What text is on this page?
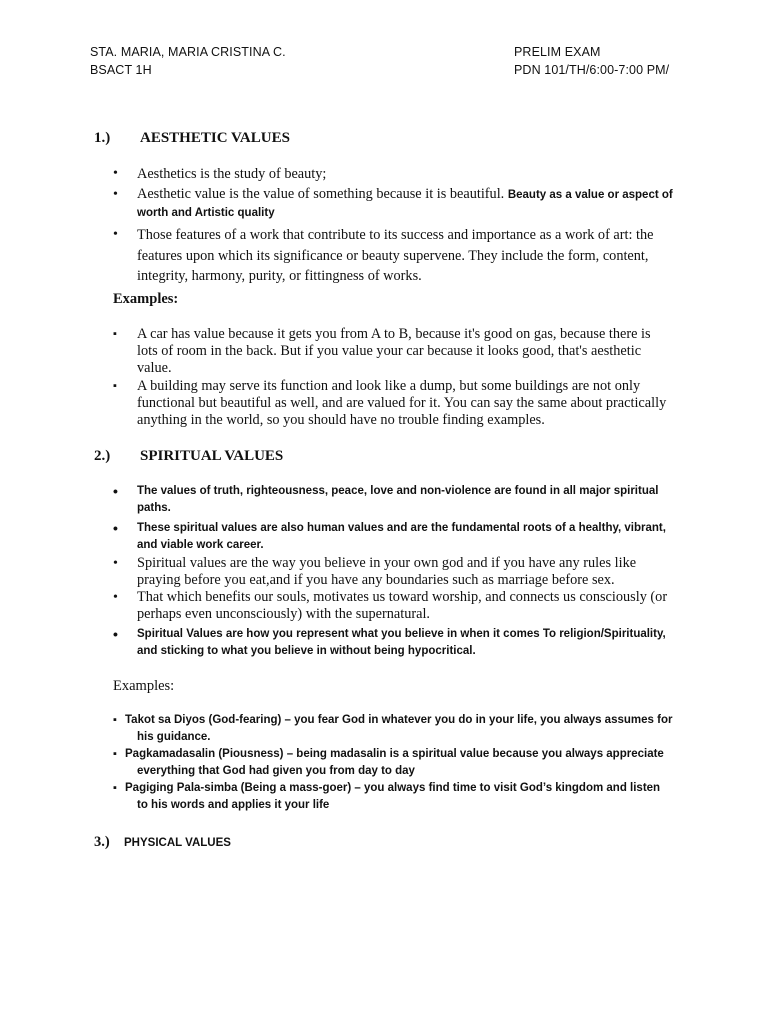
STA. MARIA, MARIA CRISTINA C.
BSACT 1H
PRELIM EXAM
PDN 101/TH/6:00-7:00 PM/
1.) AESTHETIC VALUES
• Aesthetics is the study of beauty;
• Aesthetic value is the value of something because it is beautiful. Beauty as a value or aspect of worth and Artistic quality
• Those features of a work that contribute to its success and importance as a work of art: the features upon which its significance or beauty supervene. They include the form, content, integrity, harmony, purity, or fittingness of works.
Examples:
▪ A car has value because it gets you from A to B, because it's good on gas, because there is lots of room in the back. But if you value your car because it looks good, that's aesthetic value.
▪ A building may serve its function and look like a dump, but some buildings are not only functional but beautiful as well, and are valued for it. You can say the same about practically anything in the world, so you should have no trouble finding examples.
2.) SPIRITUAL VALUES
• The values of truth, righteousness, peace, love and non-violence are found in all major spiritual paths.
• These spiritual values are also human values and are the fundamental roots of a healthy, vibrant, and viable work career.
• Spiritual values are the way you believe in your own god and if you have any rules like praying before you eat,and if you have any boundaries such as marriage before sex.
• That which benefits our souls, motivates us toward worship, and connects us consciously (or perhaps even unconsciously) with the supernatural.
• Spiritual Values are how you represent what you believe in when it comes To religion/Spirituality, and sticking to what you believe in without being hypocritical.
Examples:
▪ Takot sa Diyos (God-fearing) – you fear God in whatever you do in your life, you always assumes for his guidance.
▪ Pagkamadasalin (Piousness) – being madasalin is a spiritual value because you always appreciate everything that God had given you from day to day
▪ Pagiging Pala-simba (Being a mass-goer) – you always find time to visit God’s kingdom and listen to his words and applies it your life
3.) PHYSICAL VALUES
